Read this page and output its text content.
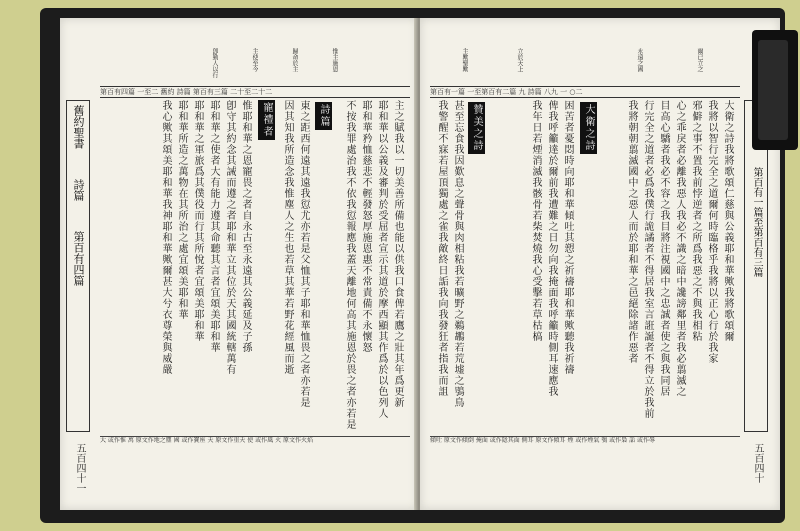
卽勤人以行	主使至今	歸命於主	惟主施恩
第百有四篇 一至二 舊約 詩篇 第百有三篇 二十至二十二
舊約聖書
詩篇
第百有四篇
五百四十一
寵禮者	詩篇	主之賦我以一切美善所備也能以供我口食俾若鷹之壯其年爲更新
耶和華以公義及審判於受屈者宣示其道於摩西顯其作爲於以色列人
耶和華矜恤慈悲不輕發怒厚施恩惠不常責備不永懷怒
不按我罪處治我不依我愆報應我蓋天離地何高其施恩於畏之者亦若是
東之距西何遠其遠我愆尤亦若是父恤其子耶和華恤畏之者亦若是
因其知我所造念我惟塵人之生也若草其華若野花經風而逝
惟耶和華之恩寵畏之者自永古至永遠其公義延及子孫
卽守其約念其誡而遵之者耶和華立其位於天其國統轄萬有
耶和華之使者大有能力遵其命聽其言者宜頌美耶和華
耶和華之軍旅爲其僕役而行其所悅者宜頌美耶和華
耶和華所造之萬物在其所治之處宜頌美耶和華
我心歟其頌美耶和華我神耶和華歟爾甚大兮衣尊榮與威嚴
大 或作惟 萬 原文作地之塵 國 或作寶座 天 原文作重天 使 或作風 火 原文作火焰
主歟聖歟	立於天上	永遠之國	爾已立之
第百有一篇 一至第百有二篇 九 詩篇 八九 一 ○二
贊美之詩	大衛之詩	大衛之詩我將歌頌仁慈與公義耶和華歟我將歌頌爾
我將以智行完全之道爾何時臨格乎我將以正心行於我家
邪僻之事不置我前悖逆者之所爲我惡之不與我相粘
心之乖戾者必離我惡人我必不識之暗中讒謗鄰里者我必翦滅之
目高心驕者我必不容之我目將注視國中之忠誠者使之與我同居
行完全之道者必爲我僕行詭譎者不得居我室言誑誕者不得立於我前
我將朝朝翦滅國中之惡人而於耶和華之邑絕除諸作惡者
困苦者憂悶時向耶和華傾吐其愬之祈禱耶和華歟聽我祈禱
俾我呼籲達於爾前我遭難之日勿向我掩面我呼籲時側耳速應我
我年日若煙消滅我骸骨若柴焚燒我心受擊若草枯槁
甚至忘食我因歎息之聲骨與肉相粘我若曠野之鵜鶘若荒墟之鴞鳥
我警醒不寐若屋頂獨處之雀我敵終日詬我向我發狂者指我而詛	第百有一篇至第百有三篇
五百四十
傾吐 原文作傾倒 掩面 或作隱其面 側耳 原文作傾耳 煙 或作煙氣 鴞 或作梟 詬 或作辱
